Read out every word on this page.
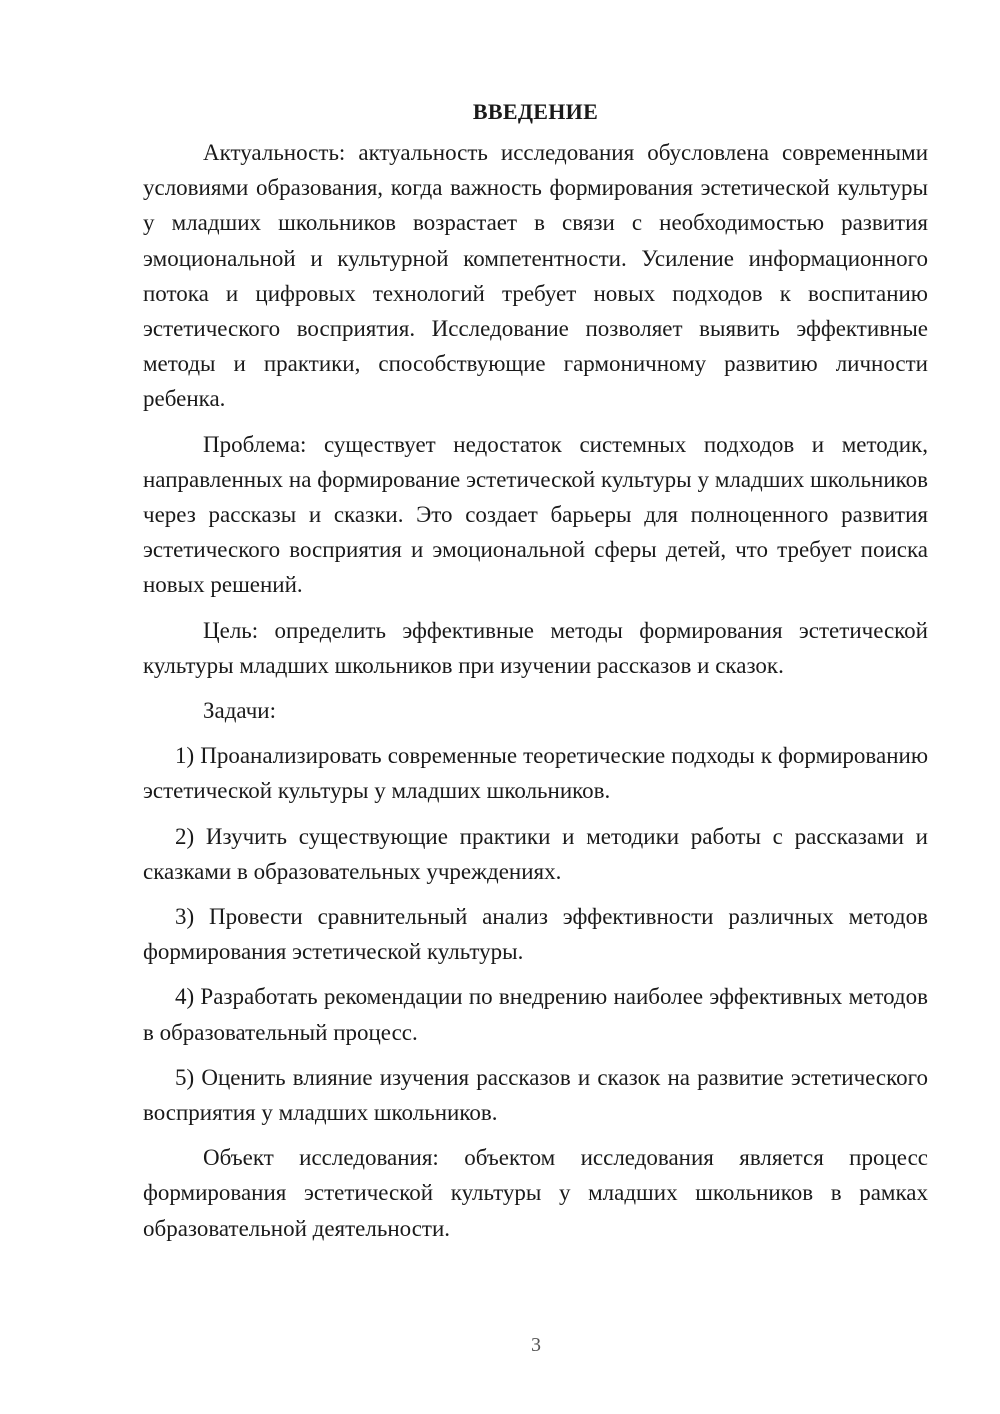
ВВЕДЕНИЕ

Актуальность: актуальность исследования обусловлена современными условиями образования, когда важность формирования эстетической культуры у младших школьников возрастает в связи с необходимостью развития эмоциональной и культурной компетентности. Усиление информационного потока и цифровых технологий требует новых подходов к воспитанию эстетического восприятия. Исследование позволяет выявить эффективные методы и практики, способствующие гармоничному развитию личности ребенка.

Проблема: существует недостаток системных подходов и методик, направленных на формирование эстетической культуры у младших школьников через рассказы и сказки. Это создает барьеры для полноценного развития эстетического восприятия и эмоциональной сферы детей, что требует поиска новых решений.

Цель: определить эффективные методы формирования эстетической культуры младших школьников при изучении рассказов и сказок.

Задачи:

1) Проанализировать современные теоретические подходы к формированию эстетической культуры у младших школьников.

2) Изучить существующие практики и методики работы с рассказами и сказками в образовательных учреждениях.

3) Провести сравнительный анализ эффективности различных методов формирования эстетической культуры.

4) Разработать рекомендации по внедрению наиболее эффективных методов в образовательный процесс.

5) Оценить влияние изучения рассказов и сказок на развитие эстетического восприятия у младших школьников.

Объект исследования: объектом исследования является процесс формирования эстетической культуры у младших школьников в рамках образовательной деятельности.

3
